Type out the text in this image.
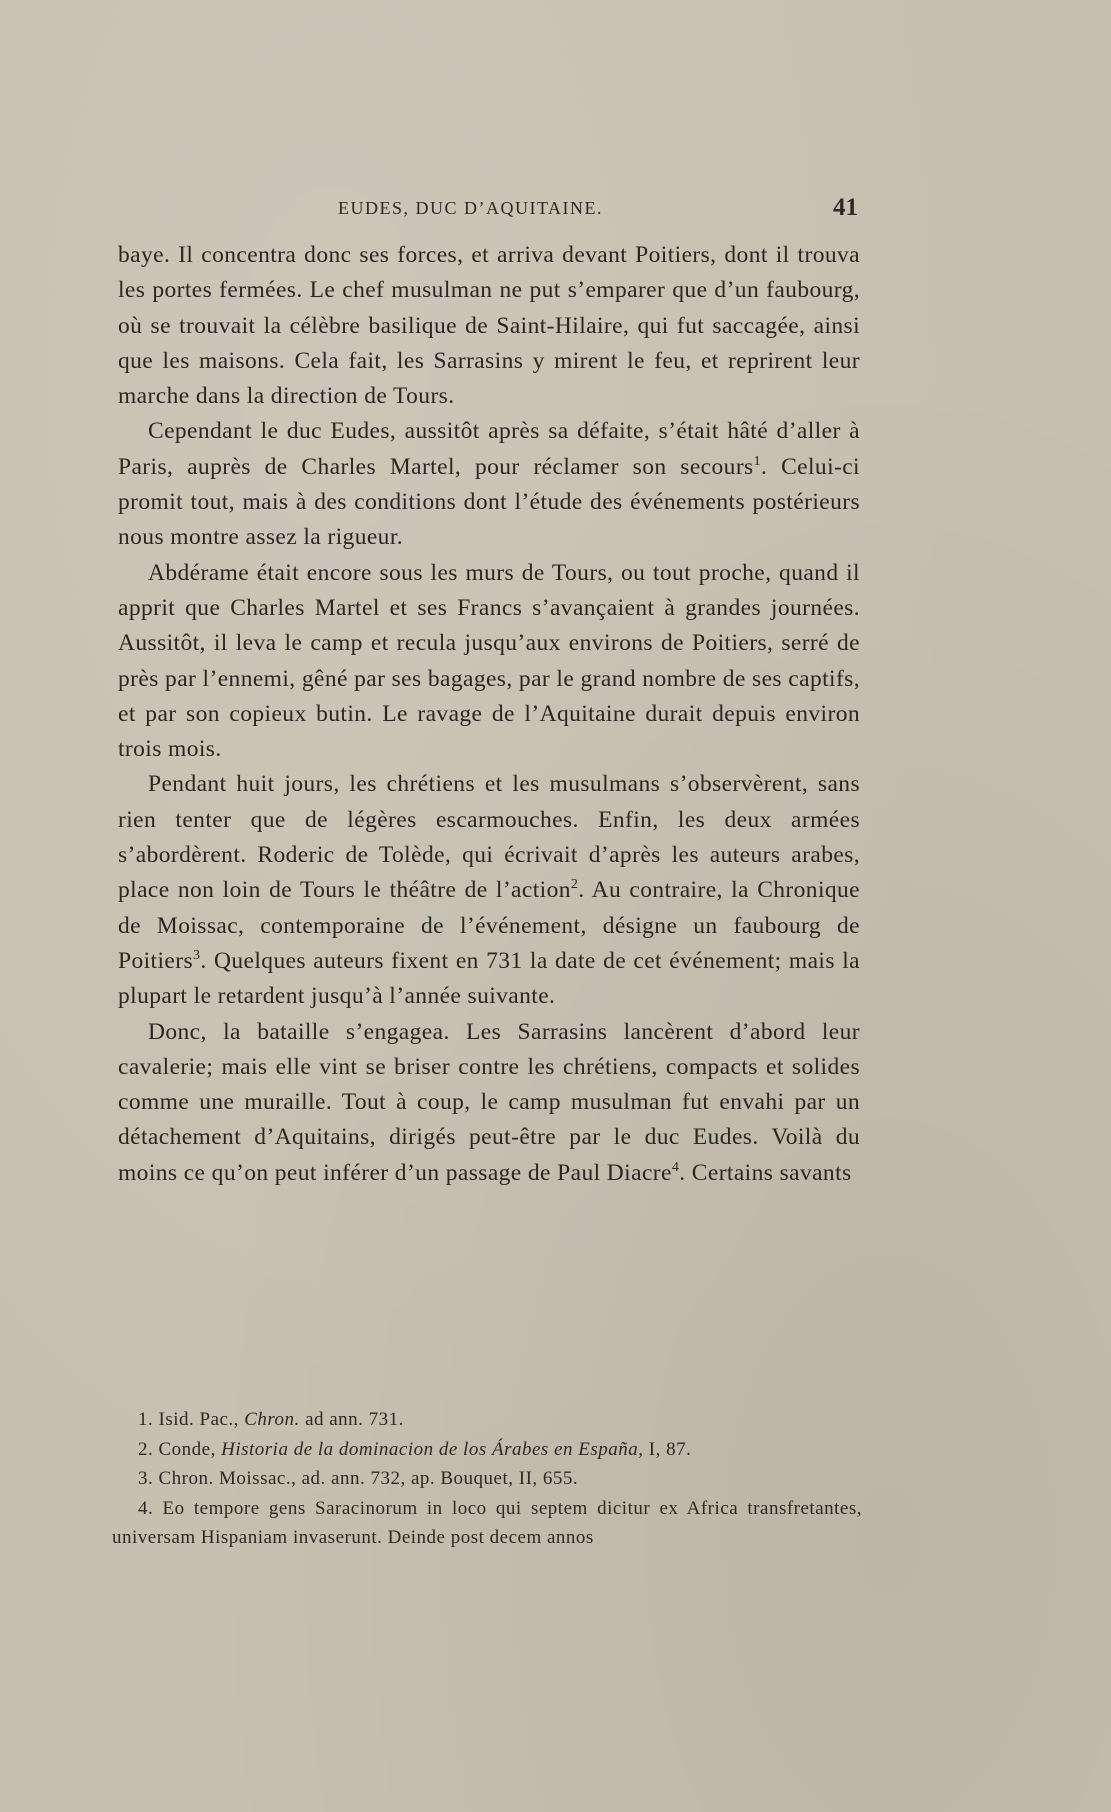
EUDES, DUC D’AQUITAINE.	41

baye. Il concentra donc ses forces, et arriva devant Poitiers, dont il trouva les portes fermées. Le chef musulman ne put s’emparer que d’un faubourg, où se trouvait la célèbre basilique de Saint-Hilaire, qui fut saccagée, ainsi que les maisons. Cela fait, les Sarrasins y mirent le feu, et reprirent leur marche dans la direction de Tours.

Cependant le duc Eudes, aussitôt après sa défaite, s’était hâté d’aller à Paris, auprès de Charles Martel, pour réclamer son secours$^1$. Celui-ci promit tout, mais à des conditions dont l’étude des événements postérieurs nous montre assez la rigueur.

Abdérame était encore sous les murs de Tours, ou tout proche, quand il apprit que Charles Martel et ses Francs s’avançaient à grandes journées. Aussitôt, il leva le camp et recula jusqu’aux environs de Poitiers, serré de près par l’ennemi, gêné par ses bagages, par le grand nombre de ses captifs, et par son copieux butin. Le ravage de l’Aquitaine durait depuis environ trois mois.

Pendant huit jours, les chrétiens et les musulmans s’observèrent, sans rien tenter que de légères escarmouches. Enfin, les deux armées s’abordèrent. Roderic de Tolède, qui écrivait d’après les auteurs arabes, place non loin de Tours le théâtre de l’action$^2$. Au contraire, la Chronique de Moissac, contemporaine de l’événement, désigne un faubourg de Poitiers$^3$. Quelques auteurs fixent en 731 la date de cet événement; mais la plupart le retardent jusqu’à l’année suivante.

Donc, la bataille s’engagea. Les Sarrasins lancèrent d’abord leur cavalerie; mais elle vint se briser contre les chrétiens, compacts et solides comme une muraille. Tout à coup, le camp musulman fut envahi par un détachement d’Aquitains, dirigés peut-être par le duc Eudes. Voilà du moins ce qu’on peut inférer d’un passage de Paul Diacre$^4$. Certains savants

1. Isid. Pac., Chron. ad ann. 731.

2. Conde, Historia de la dominacion de los Árabes en España, I, 87.

3. Chron. Moissac., ad. ann. 732, ap. Bouquet, II, 655.

4. Eo tempore gens Saracinorum in loco qui septem dicitur ex Africa transfretantes, universam Hispaniam invaserunt. Deinde post decem annos
